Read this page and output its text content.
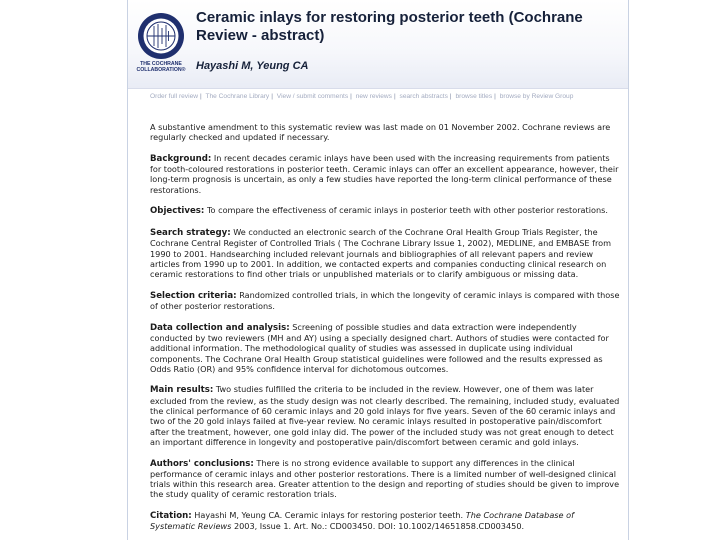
THE COCHRANE
COLLABORATION®
Ceramic inlays for restoring posterior teeth (Cochrane Review - abstract)
Hayashi M, Yeung CA
Order full review | The Cochrane Library | View / submit comments | new reviews | search abstracts | browse titles | browse by Review Group

A substantive amendment to this systematic review was last made on 01 November 2002. Cochrane reviews are regularly checked and updated if necessary.

Background: In recent decades ceramic inlays have been used with the increasing requirements from patients for tooth-coloured restorations in posterior teeth. Ceramic inlays can offer an excellent appearance, however, their long-term prognosis is uncertain, as only a few studies have reported the long-term clinical performance of these restorations.

Objectives: To compare the effectiveness of ceramic inlays in posterior teeth with other posterior restorations.

Search strategy: We conducted an electronic search of the Cochrane Oral Health Group Trials Register, the Cochrane Central Register of Controlled Trials ( The Cochrane Library Issue 1, 2002), MEDLINE, and EMBASE from 1990 to 2001. Handsearching included relevant journals and bibliographies of all relevant papers and review articles from 1990 up to 2001. In addition, we contacted experts and companies conducting clinical research on ceramic restorations to find other trials or unpublished materials or to clarify ambiguous or missing data.

Selection criteria: Randomized controlled trials, in which the longevity of ceramic inlays is compared with those of other posterior restorations.

Data collection and analysis: Screening of possible studies and data extraction were independently conducted by two reviewers (MH and AY) using a specially designed chart. Authors of studies were contacted for additional information. The methodological quality of studies was assessed in duplicate using individual components. The Cochrane Oral Health Group statistical guidelines were followed and the results expressed as Odds Ratio (OR) and 95% confidence interval for dichotomous outcomes.

Main results: Two studies fulfilled the criteria to be included in the review. However, one of them was later excluded from the review, as the study design was not clearly described. The remaining, included study, evaluated the clinical performance of 60 ceramic inlays and 20 gold inlays for five years. Seven of the 60 ceramic inlays and two of the 20 gold inlays failed at five-year review. No ceramic inlays resulted in postoperative pain/discomfort after the treatment, however, one gold inlay did. The power of the included study was not great enough to detect an important difference in longevity and postoperative pain/discomfort between ceramic and gold inlays.

Authors' conclusions: There is no strong evidence available to support any differences in the clinical performance of ceramic inlays and other posterior restorations. There is a limited number of well-designed clinical trials within this research area. Greater attention to the design and reporting of studies should be given to improve the study quality of ceramic restoration trials.

Citation: Hayashi M, Yeung CA. Ceramic inlays for restoring posterior teeth. The Cochrane Database of Systematic Reviews 2003, Issue 1. Art. No.: CD003450. DOI: 10.1002/14651858.CD003450.
